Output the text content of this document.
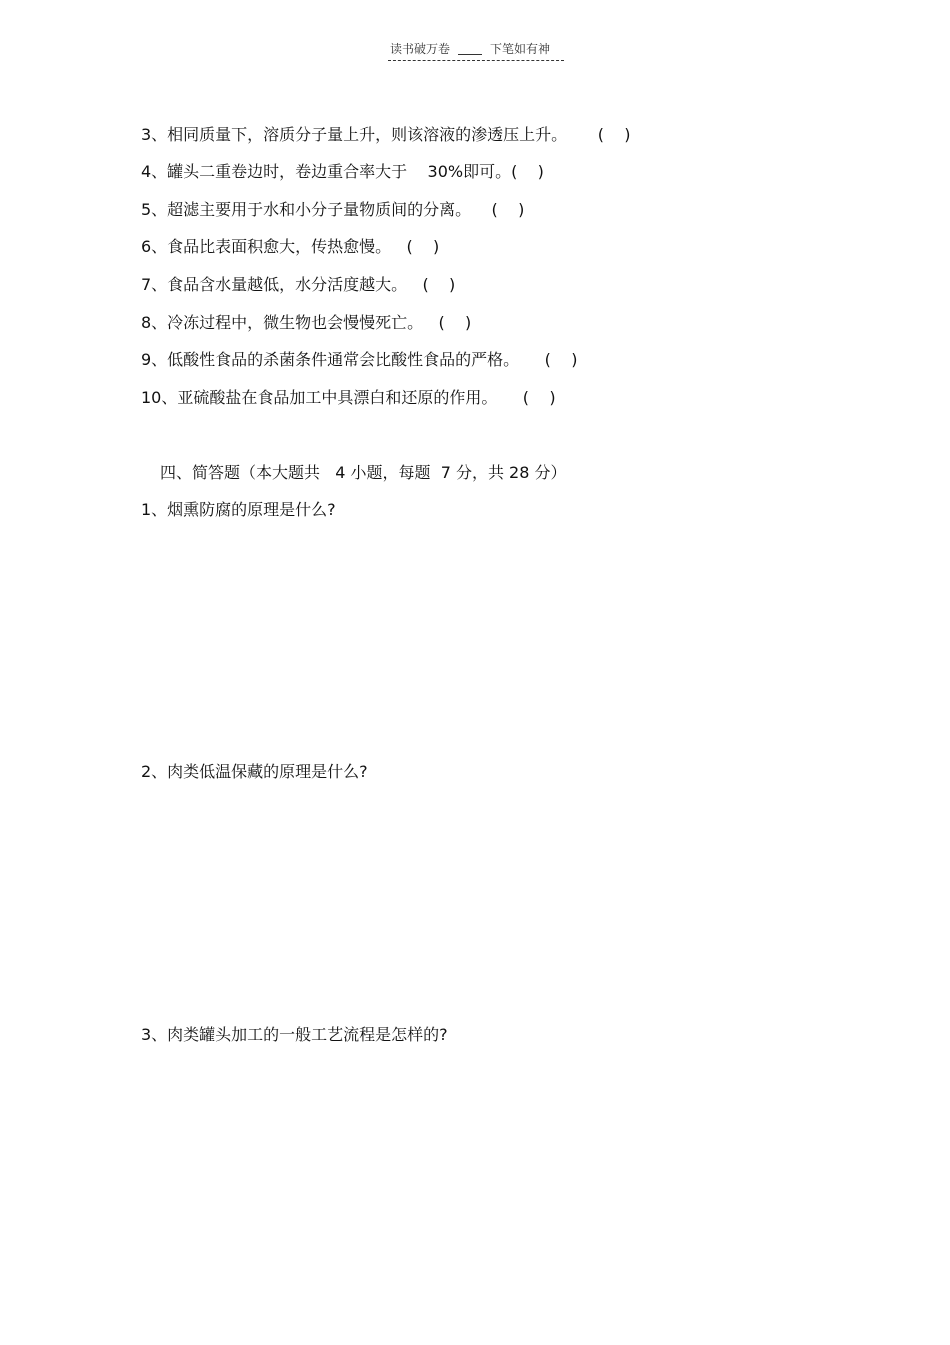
读书破万卷	下笔如有神
3、相同质量下，溶质分子量上升，则该溶液的渗透压上升。      (    )
4、罐头二重卷边时，卷边重合率大于    30%即可。(    )
5、超滤主要用于水和小分子量物质间的分离。    (    )
6、食品比表面积愈大，传热愈慢。   (    )
7、食品含水量越低，水分活度越大。   (    )
8、冷冻过程中，微生物也会慢慢死亡。   (    )
9、低酸性食品的杀菌条件通常会比酸性食品的严格。     (    )
10、亚硫酸盐在食品加工中具漂白和还原的作用。     (    )
四、简答题（本大题共   4 小题，每题  7 分，共 28 分）
1、烟熏防腐的原理是什么?
2、肉类低温保藏的原理是什么?
3、肉类罐头加工的一般工艺流程是怎样的?
